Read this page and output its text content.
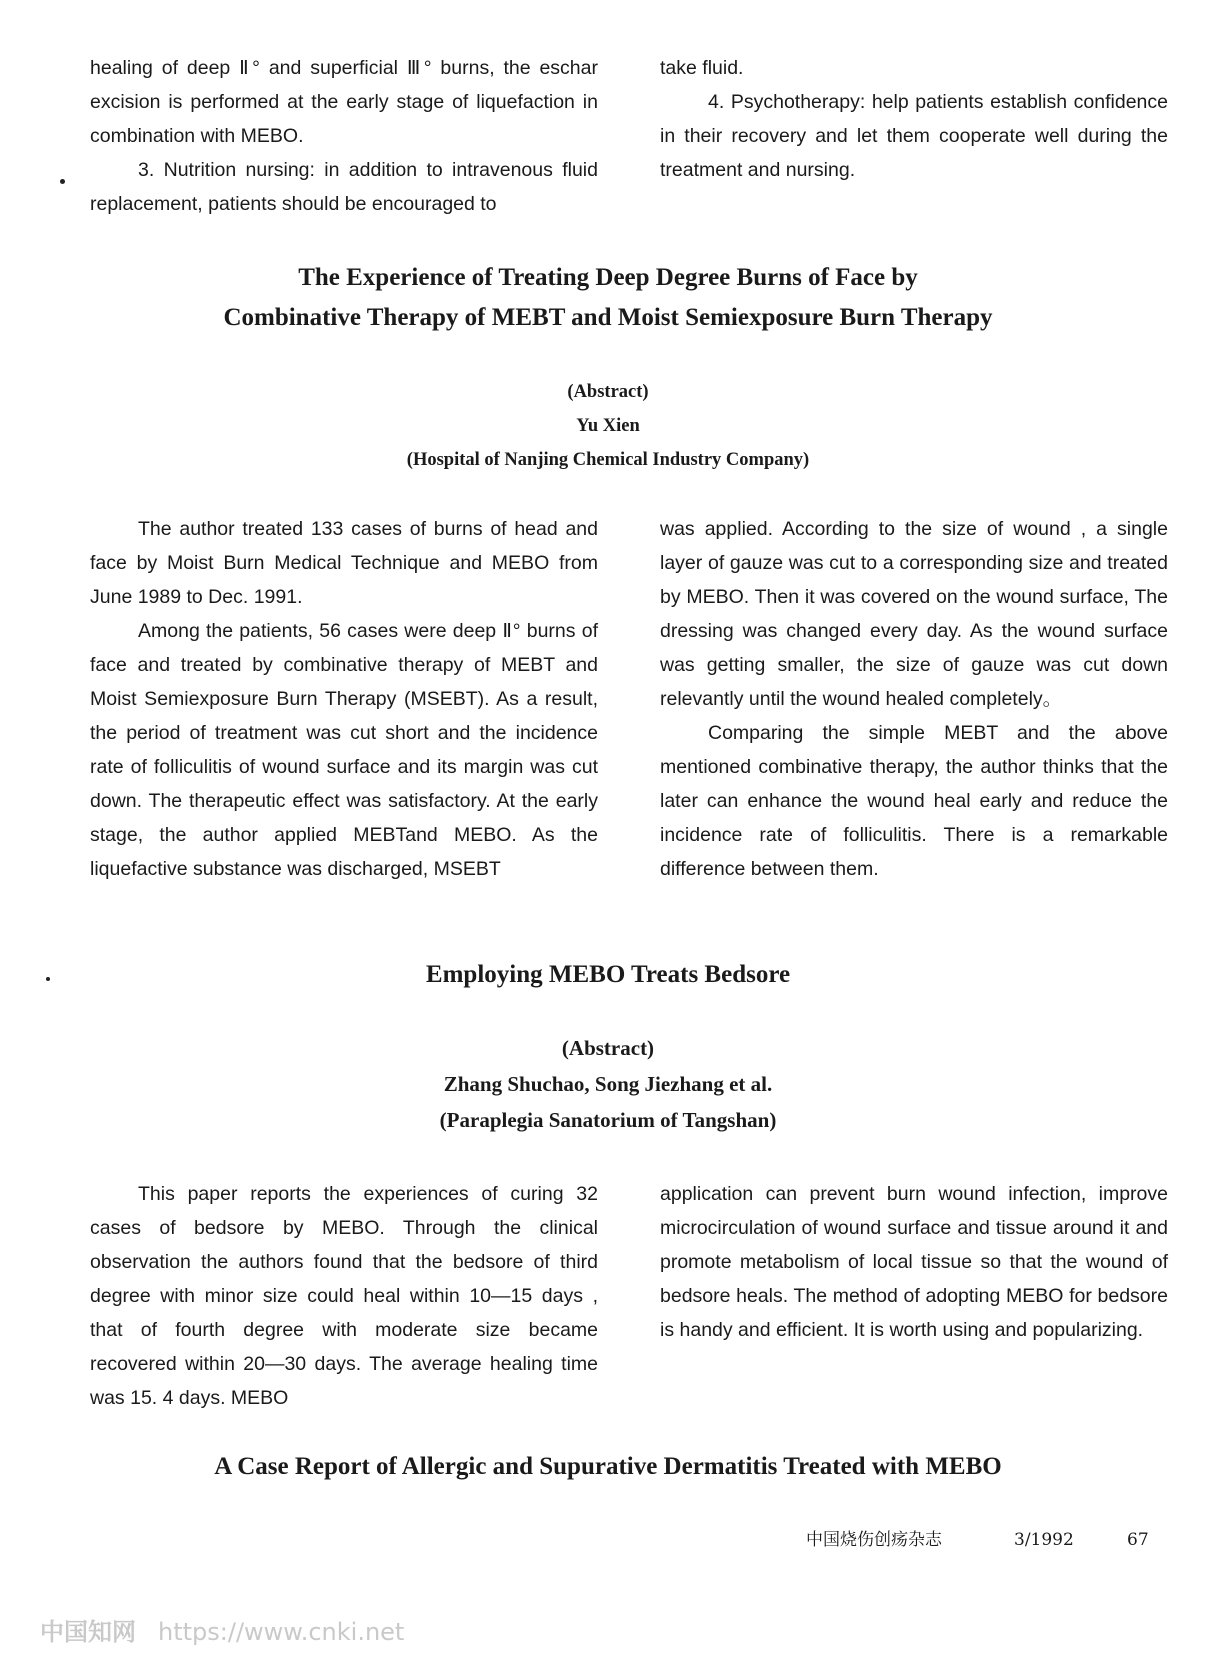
healing of deep Ⅱ° and superficial Ⅲ° burns, the eschar excision is performed at the early stage of liquefaction in combination with MEBO.

3. Nutrition nursing: in addition to intravenous fluid replacement, patients should be encouraged to

take fluid.

4. Psychotherapy: help patients establish confidence in their recovery and let them cooperate well during the treatment and nursing.

The Experience of Treating Deep Degree Burns of Face by
Combinative Therapy of MEBT and Moist Semiexposure Burn Therapy
(Abstract)
Yu Xien
(Hospital of Nanjing Chemical Industry Company)

The author treated 133 cases of burns of head and face by Moist Burn Medical Technique and MEBO from June 1989 to Dec. 1991.

Among the patients, 56 cases were deep Ⅱ° burns of face and treated by combinative therapy of MEBT and Moist Semiexposure Burn Therapy (MSEBT). As a result, the period of treatment was cut short and the incidence rate of folliculitis of wound surface and its margin was cut down. The therapeutic effect was satisfactory. At the early stage, the author applied MEBTand MEBO. As the liquefactive substance was discharged, MSEBT

was applied. According to the size of wound , a single layer of gauze was cut to a corresponding size and treated by MEBO. Then it was covered on the wound surface, The dressing was changed every day. As the wound surface was getting smaller, the size of gauze was cut down relevantly until the wound healed completely。

Comparing the simple MEBT and the above mentioned combinative therapy, the author thinks that the later can enhance the wound heal early and reduce the incidence rate of folliculitis. There is a remarkable difference between them.

Employing MEBO Treats Bedsore
(Abstract)
Zhang Shuchao, Song Jiezhang et al.
(Paraplegia Sanatorium of Tangshan)

This paper reports the experiences of curing 32 cases of bedsore by MEBO. Through the clinical observation the authors found that the bedsore of third degree with minor size could heal within 10—15 days , that of fourth degree with moderate size became recovered within 20—30 days. The average healing time was 15. 4 days. MEBO

application can prevent burn wound infection, improve microcirculation of wound surface and tissue around it and promote metabolism of local tissue so that the wound of bedsore heals. The method of adopting MEBO for bedsore is handy and efficient. It is worth using and popularizing.

A Case Report of Allergic and Supurative Dermatitis Treated with MEBO
中国烧伤创疡杂志	3/1992	67
中国知网 https://www.cnki.net
